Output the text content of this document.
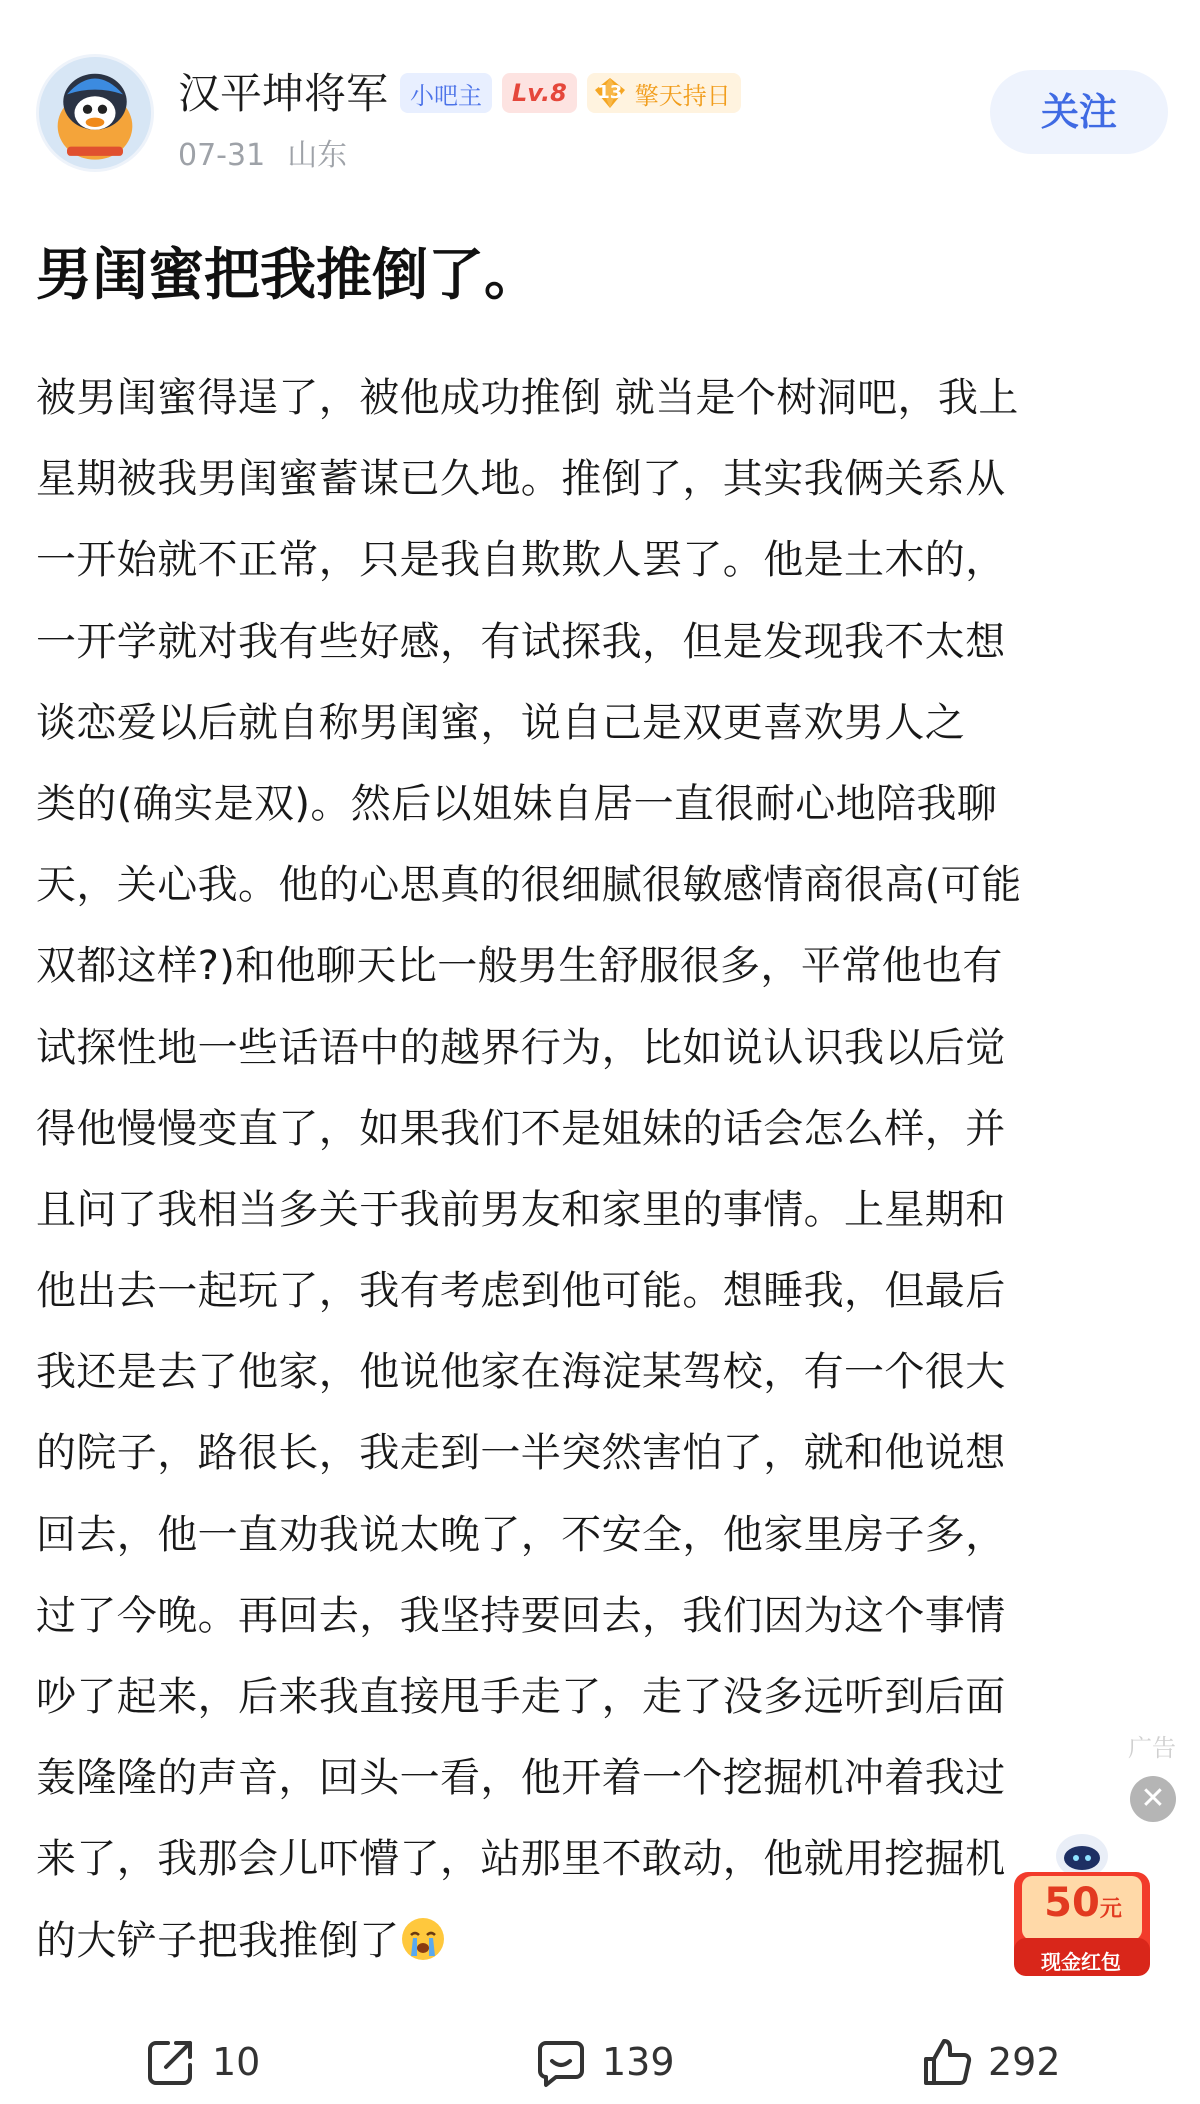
汉平坤将军 小吧主	Lv.8	13 擎天持日
07-31 山东
关注
男闺蜜把我推倒了。
被男闺蜜得逞了，被他成功推倒 就当是个树洞吧，我上
星期被我男闺蜜蓄谋已久地。推倒了，其实我俩关系从
一开始就不正常，只是我自欺欺人罢了。他是土木的，
一开学就对我有些好感，有试探我，但是发现我不太想
谈恋爱以后就自称男闺蜜，说自己是双更喜欢男人之
类的(确实是双)。然后以姐妹自居一直很耐心地陪我聊
天，关心我。他的心思真的很细腻很敏感情商很高(可能
双都这样?)和他聊天比一般男生舒服很多，平常他也有
试探性地一些话语中的越界行为，比如说认识我以后觉
得他慢慢变直了，如果我们不是姐妹的话会怎么样，并
且问了我相当多关于我前男友和家里的事情。上星期和
他出去一起玩了，我有考虑到他可能。想睡我，但最后
我还是去了他家，他说他家在海淀某驾校，有一个很大
的院子，路很长，我走到一半突然害怕了，就和他说想
回去，他一直劝我说太晚了，不安全，他家里房子多，
过了今晚。再回去，我坚持要回去，我们因为这个事情
吵了起来，后来我直接甩手走了，走了没多远听到后面
轰隆隆的声音，回头一看，他开着一个挖掘机冲着我过
来了，我那会儿吓懵了，站那里不敢动，他就用挖掘机
的大铲子把我推倒了
广告
✕
50元
现金红包
10	139	292
